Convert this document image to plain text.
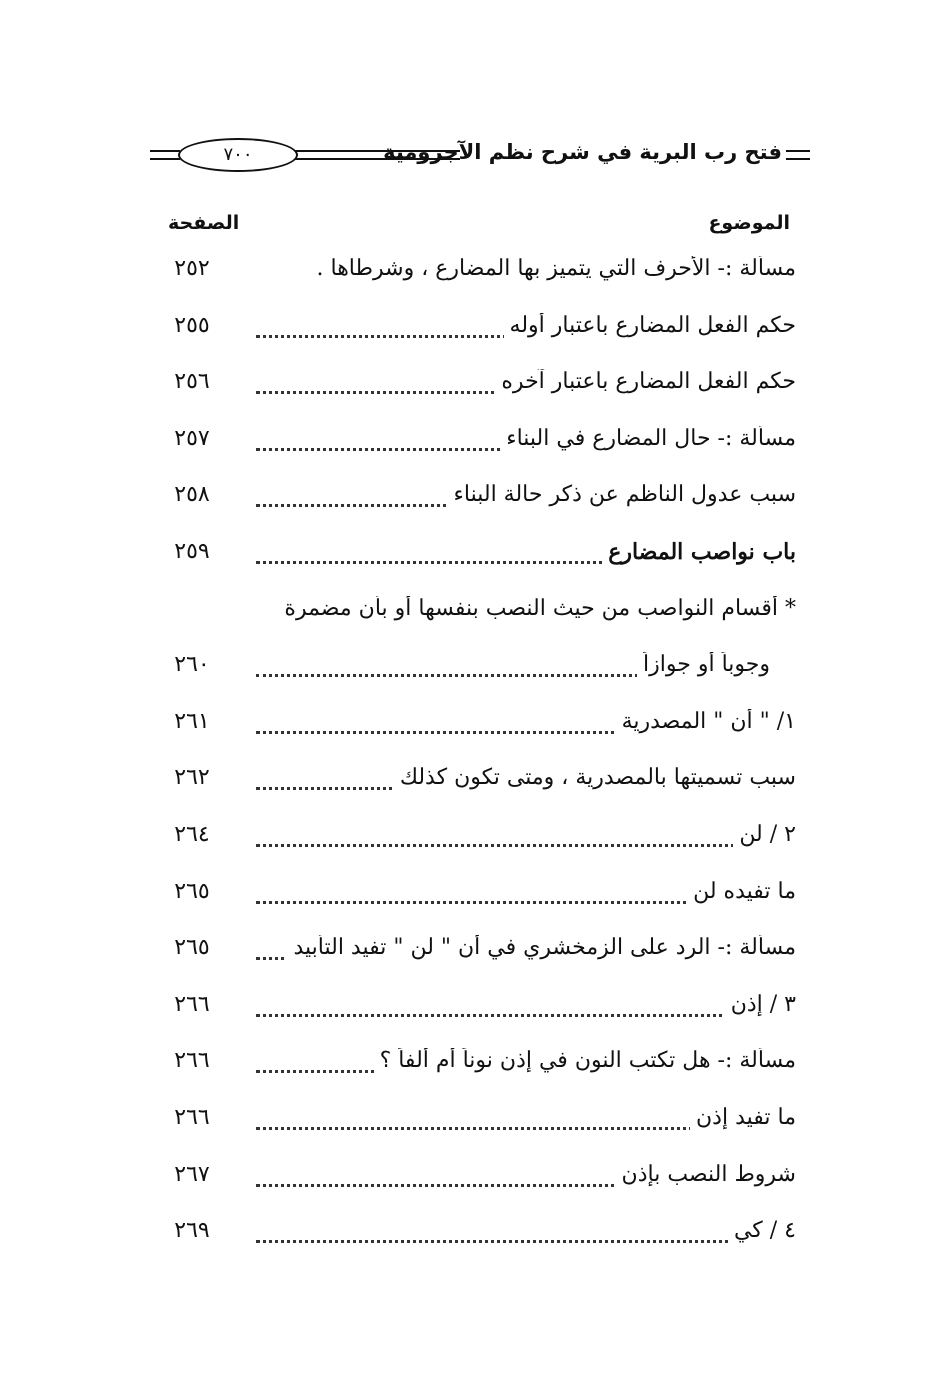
فتح رب البرية في شرح نظم الآجرومية
٧٠٠
الموضوع
الصفحة
مسألة :- الأحرف التي يتميز بها المضارع ، وشرطاها .
٢٥٢
حكم الفعل المضارع باعتبار أوله
٢٥٥
حكم الفعل المضارع باعتبار آخره
٢٥٦
مسألة :- حال المضارع في البناء
٢٥٧
سبب عدول الناظم عن ذكر حالة البناء
٢٥٨
باب نواصب المضارع
٢٥٩
* أقسام النواصب من حيث النصب بنفسها أو بأن مضمرة
وجوباً أو جوازاً
٢٦٠
١/ " أن " المصدرية
٢٦١
سبب تسميتها بالمصدرية ، ومتى تكون كذلك
٢٦٢
٢ / لن
٢٦٤
ما تفيده لن
٢٦٥
مسألة :- الرد على الزمخشري في أن " لن " تفيد التأبيد
٢٦٥
٣ / إذن
٢٦٦
مسألة :- هل تكتب النون في إذن نوناً أم ألفاً ؟
٢٦٦
ما تفيد إذن
٢٦٦
شروط النصب بإذن
٢٦٧
٤ / كي
٢٦٩
